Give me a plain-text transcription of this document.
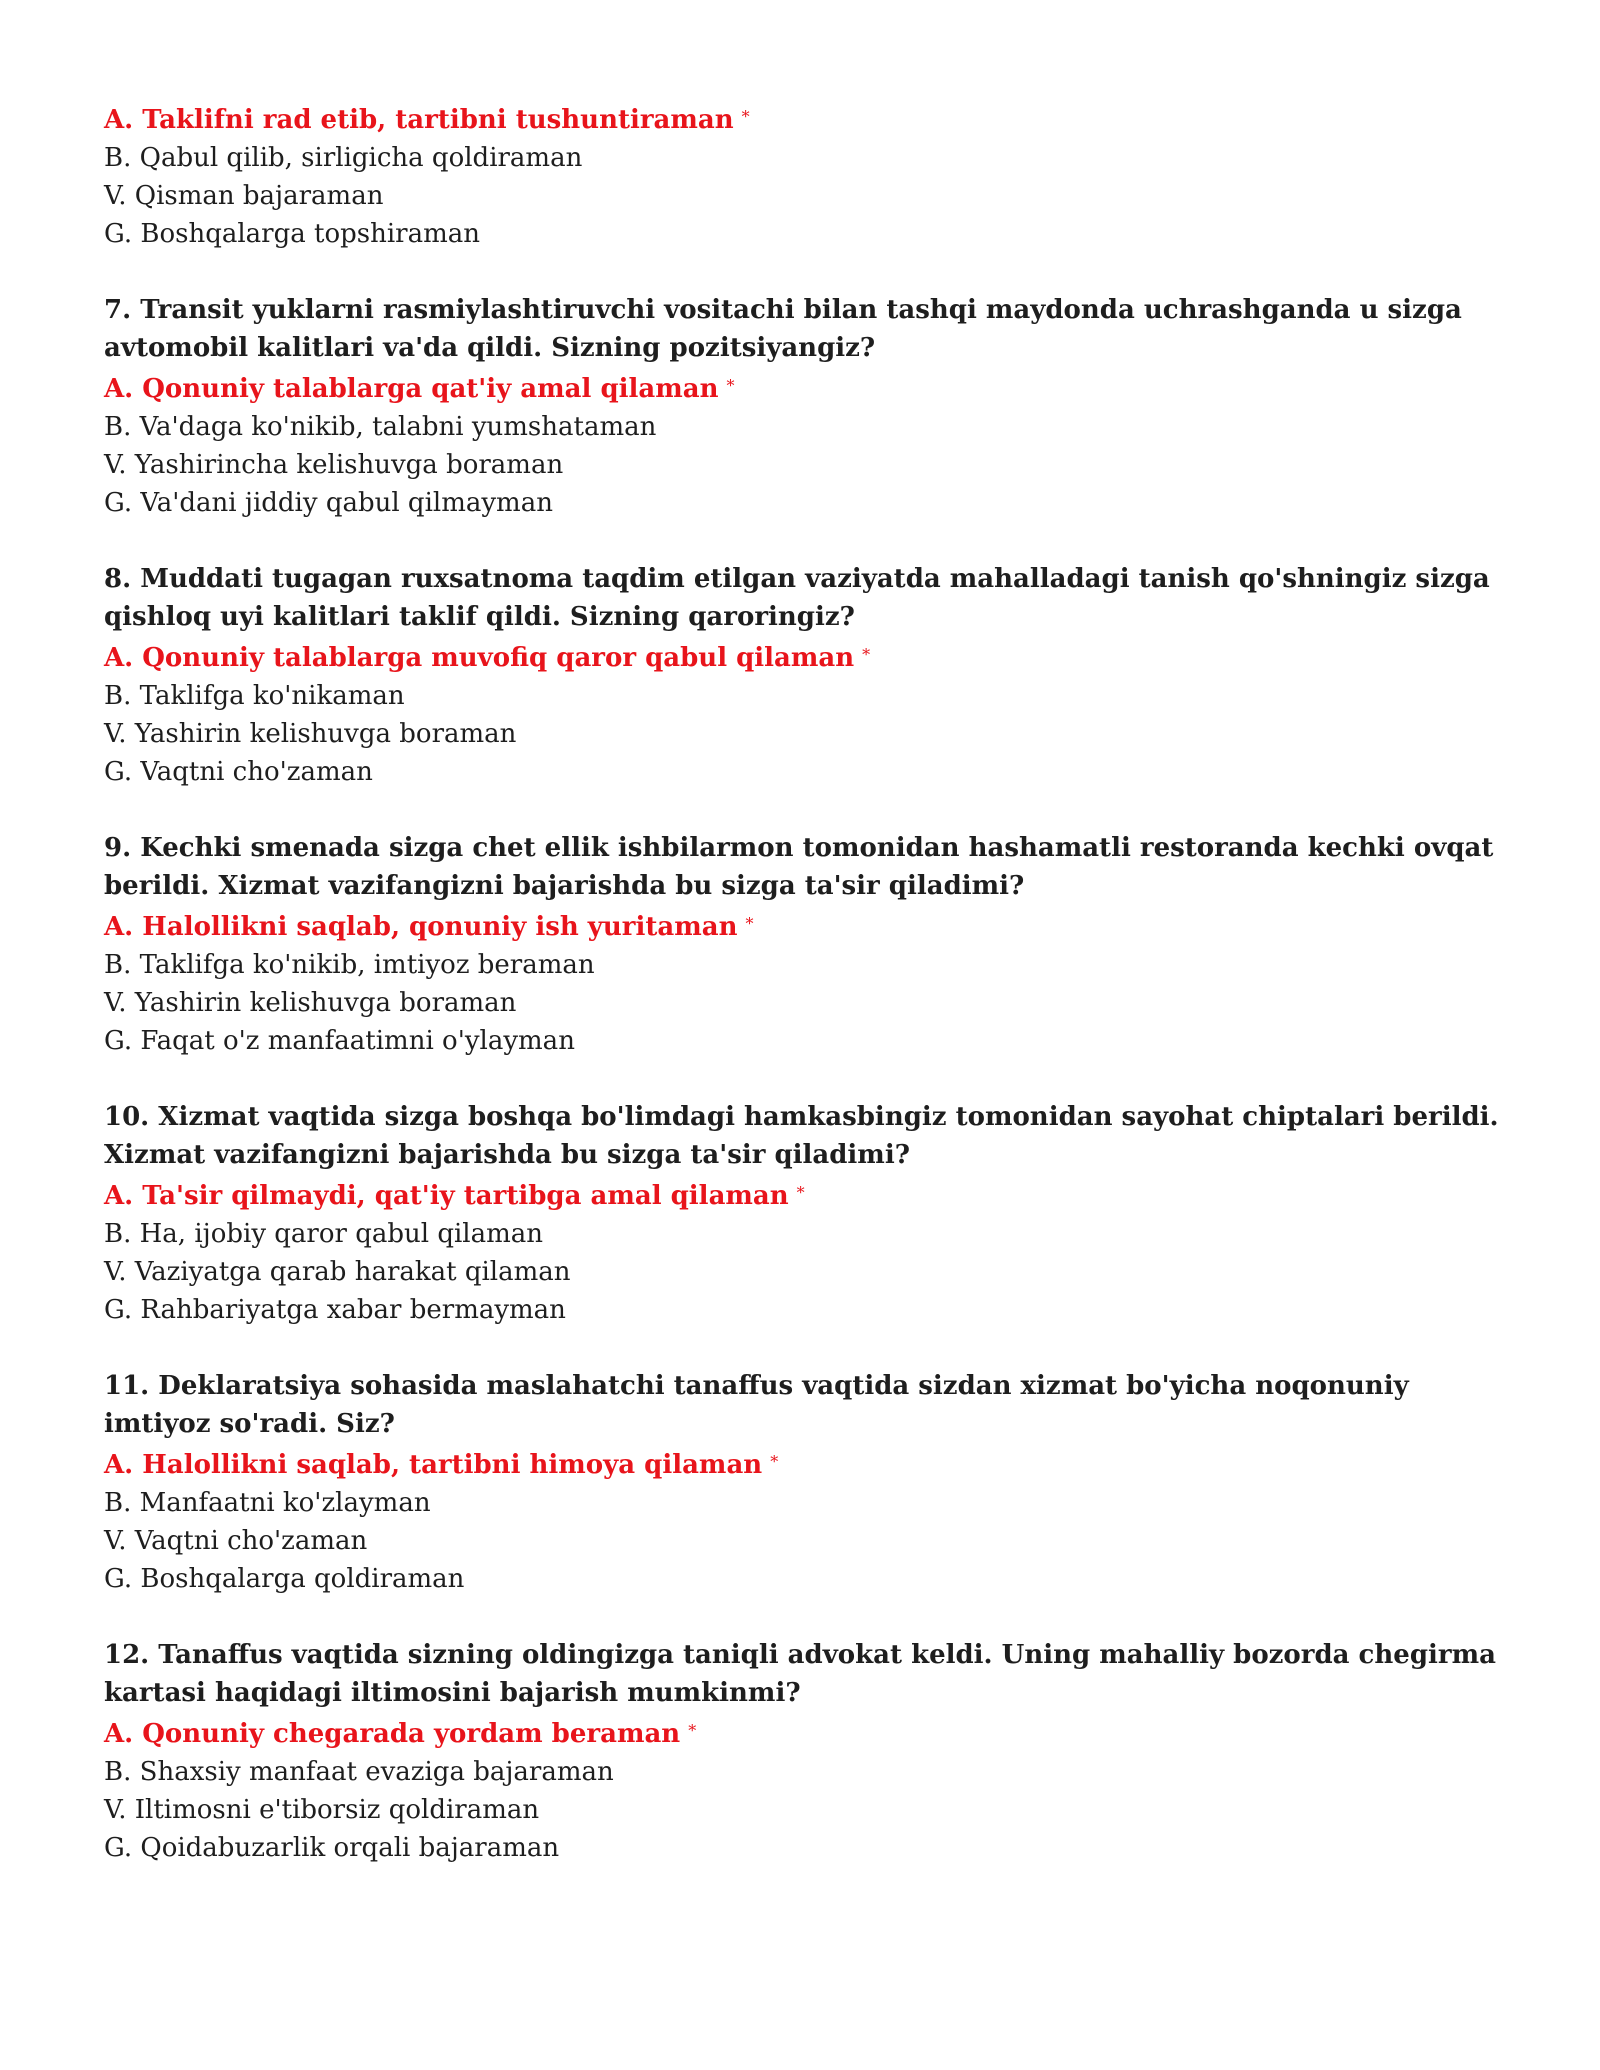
A. Taklifni rad etib, tartibni tushuntiraman *

B. Qabul qilib, sirligicha qoldiraman

V. Qisman bajaraman

G. Boshqalarga topshiraman

7. Transit yuklarni rasmiylashtiruvchi vositachi bilan tashqi maydonda uchrashganda u sizga avtomobil kalitlari va'da qildi. Sizning pozitsiyangiz?

A. Qonuniy talablarga qat'iy amal qilaman *

B. Va'daga ko'nikib, talabni yumshataman

V. Yashirincha kelishuvga boraman

G. Va'dani jiddiy qabul qilmayman

8. Muddati tugagan ruxsatnoma taqdim etilgan vaziyatda mahalladagi tanish qo'shningiz sizga qishloq uyi kalitlari taklif qildi. Sizning qaroringiz?

A. Qonuniy talablarga muvofiq qaror qabul qilaman *

B. Taklifga ko'nikaman

V. Yashirin kelishuvga boraman

G. Vaqtni cho'zaman

9. Kechki smenada sizga chet ellik ishbilarmon tomonidan hashamatli restoranda kechki ovqat berildi. Xizmat vazifangizni bajarishda bu sizga ta'sir qiladimi?

A. Halollikni saqlab, qonuniy ish yuritaman *

B. Taklifga ko'nikib, imtiyoz beraman

V. Yashirin kelishuvga boraman

G. Faqat o'z manfaatimni o'ylayman

10. Xizmat vaqtida sizga boshqa bo'limdagi hamkasbingiz tomonidan sayohat chiptalari berildi. Xizmat vazifangizni bajarishda bu sizga ta'sir qiladimi?

A. Ta'sir qilmaydi, qat'iy tartibga amal qilaman *

B. Ha, ijobiy qaror qabul qilaman

V. Vaziyatga qarab harakat qilaman

G. Rahbariyatga xabar bermayman

11. Deklaratsiya sohasida maslahatchi tanaffus vaqtida sizdan xizmat bo'yicha noqonuniy imtiyoz so'radi. Siz?

A. Halollikni saqlab, tartibni himoya qilaman *

B. Manfaatni ko'zlayman

V. Vaqtni cho'zaman

G. Boshqalarga qoldiraman

12. Tanaffus vaqtida sizning oldingizga taniqli advokat keldi. Uning mahalliy bozorda chegirma kartasi haqidagi iltimosini bajarish mumkinmi?

A. Qonuniy chegarada yordam beraman *

B. Shaxsiy manfaat evaziga bajaraman

V. Iltimosni e'tiborsiz qoldiraman

G. Qoidabuzarlik orqali bajaraman
